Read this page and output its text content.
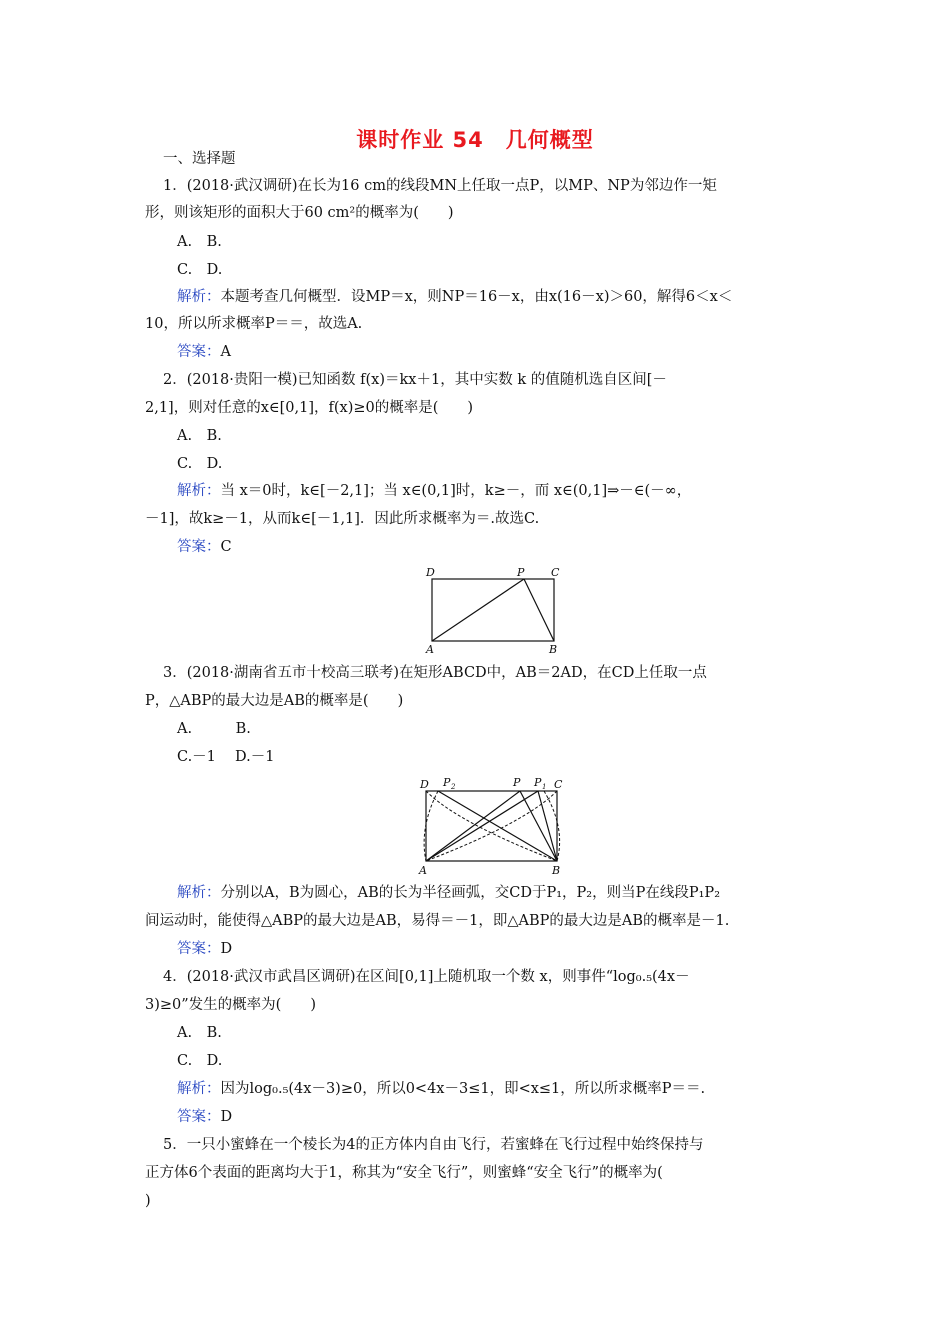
课时作业 54　几何概型
一、选择题
1．(2018·武汉调研)在长为16 cm的线段MN上任取一点P，以MP、NP为邻边作一矩
形，则该矩形的面积大于60 cm²的概率为(　　)
A.　B.
C.　D.
解析：本题考查几何概型．设MP＝x，则NP＝16－x，由x(16－x)＞60，解得6＜x＜
10，所以所求概率P＝＝，故选A.
答案：A
2．(2018·贵阳一模)已知函数 f(x)＝kx＋1，其中实数 k 的值随机选自区间[－
2,1]，则对任意的x∈[0,1]，f(x)≥0的概率是(　　)
A.　B.
C.　D.
解析：当 x＝0时，k∈[－2,1]；当 x∈(0,1]时，k≥－，而 x∈(0,1]⇒－∈(－∞，
－1]，故k≥－1，从而k∈[－1,1]．因此所求概率为＝.故选C.
答案：C
D	P C
A	B
3．(2018·湖南省五市十校高三联考)在矩形ABCD中，AB＝2AD，在CD上任取一点
P，△ABP的最大边是AB的概率是(　　)
A.　　　B.
C.－1　 D.－1
D P 2	P P 1 C
A	B
解析：分别以A，B为圆心，AB的长为半径画弧，交CD于P₁，P₂，则当P在线段P₁P₂
间运动时，能使得△ABP的最大边是AB，易得＝－1，即△ABP的最大边是AB的概率是－1.
答案：D
4．(2018·武汉市武昌区调研)在区间[0,1]上随机取一个数 x，则事件“log₀.₅(4x－
3)≥0”发生的概率为(　　)
A.　B.
C.　D.
解析：因为log₀.₅(4x－3)≥0，所以0<4x－3≤1，即<x≤1，所以所求概率P＝＝.
答案：D
5．一只小蜜蜂在一个棱长为4的正方体内自由飞行，若蜜蜂在飞行过程中始终保持与
正方体6个表面的距离均大于1，称其为“安全飞行”，则蜜蜂“安全飞行”的概率为(
)
